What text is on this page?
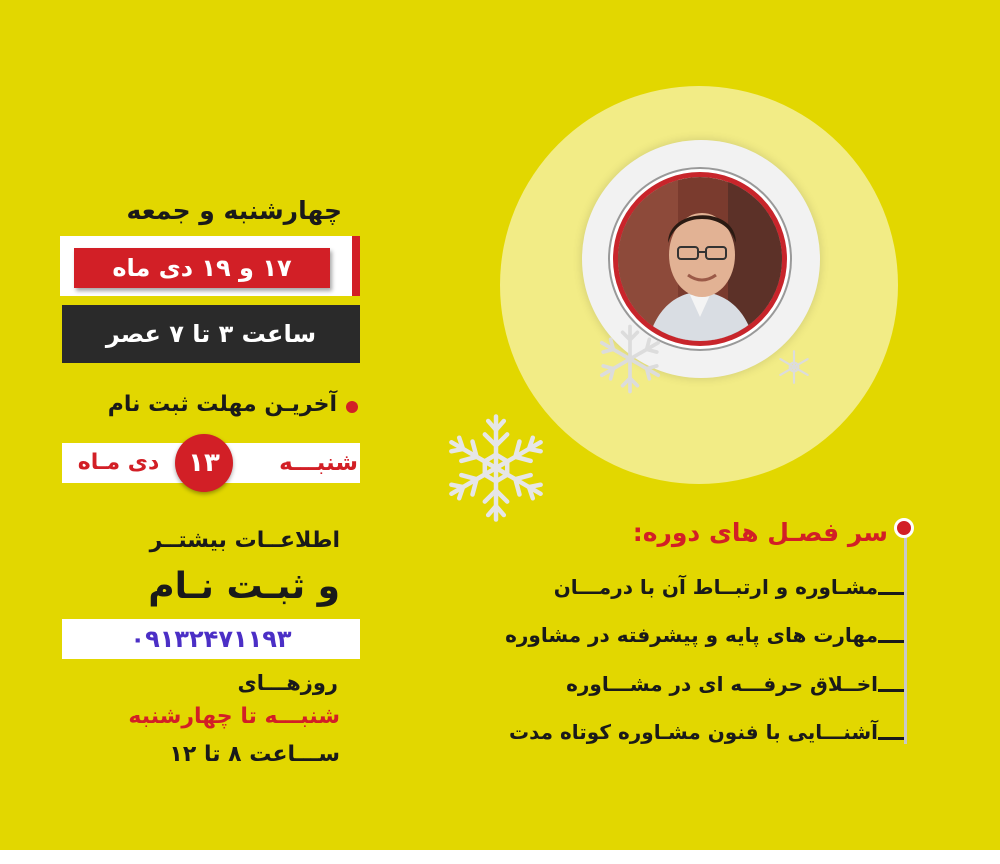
چهارشنبه و جمعه
۱۷ و ۱۹ دی ماه
ساعت ۳ تا ۷ عصر
آخریـن مهلت ثبت نام
شنبـــه
۱۳
دی مـاه
اطلاعــات بیشتــر
و ثبـت نـام
۰۹۱۳۲۴۷۱۱۹۳
روزهـــای
شنبـــه تا چهارشنبه
ســـاعت ۸ تا ۱۲
سر فصـل های دوره:
مشـاوره و ارتبــاط آن با درمـــان
مهارت های پایه و پیشرفته در مشاوره
اخــلاق حرفـــه ای در مشـــاوره
آشنـــایی با فنون مشـاوره کوتاه مدت
